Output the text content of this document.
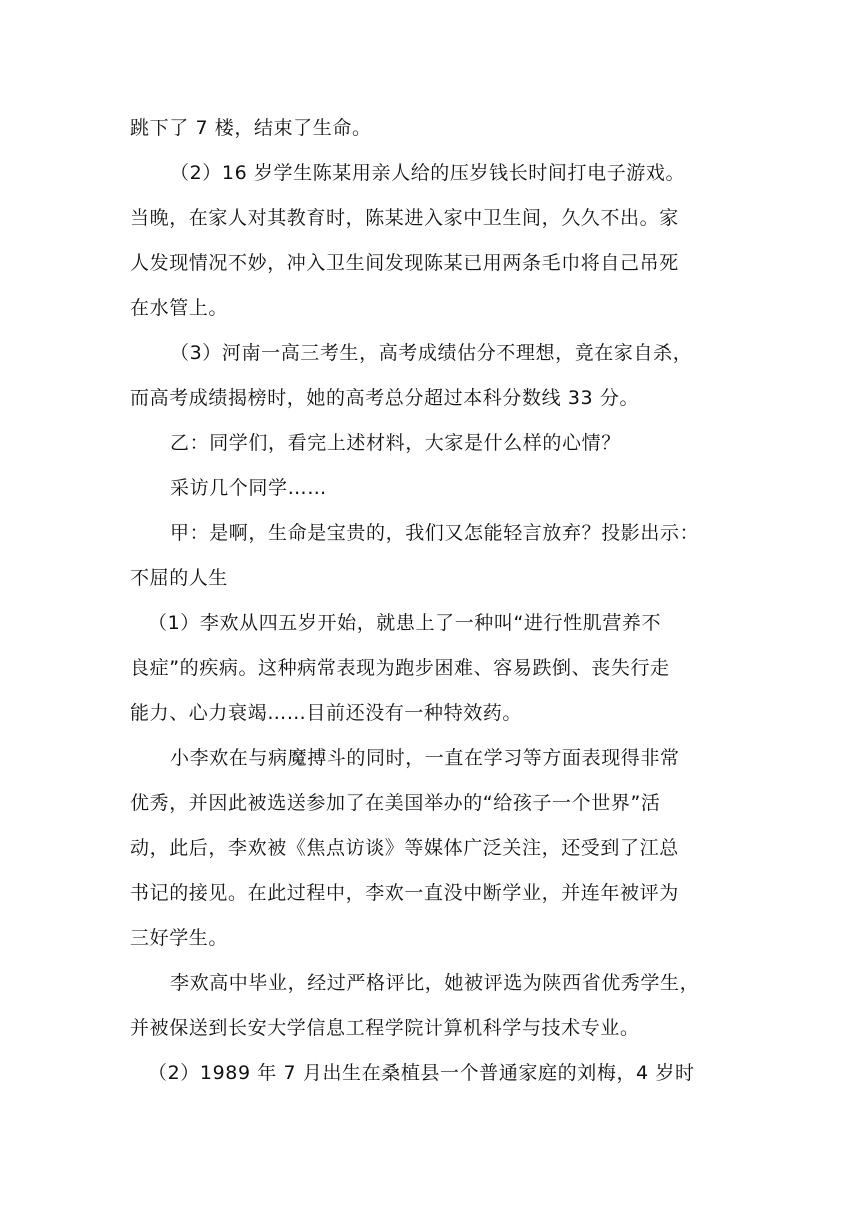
跳下了 7 楼，结束了生命。
（2）16 岁学生陈某用亲人给的压岁钱长时间打电子游戏。
当晚，在家人对其教育时，陈某进入家中卫生间，久久不出。家
人发现情况不妙，冲入卫生间发现陈某已用两条毛巾将自己吊死
在水管上。
（3）河南一高三考生，高考成绩估分不理想，竟在家自杀，
而高考成绩揭榜时，她的高考总分超过本科分数线 33 分。
乙：同学们，看完上述材料，大家是什么样的心情？
采访几个同学……
甲：是啊，生命是宝贵的，我们又怎能轻言放弃？投影出示：
不屈的人生
（1）李欢从四五岁开始，就患上了一种叫“进行性肌营养不
良症”的疾病。这种病常表现为跑步困难、容易跌倒、丧失行走
能力、心力衰竭……目前还没有一种特效药。
小李欢在与病魔搏斗的同时，一直在学习等方面表现得非常
优秀，并因此被选送参加了在美国举办的“给孩子一个世界”活
动，此后，李欢被《焦点访谈》等媒体广泛关注，还受到了江总
书记的接见。在此过程中，李欢一直没中断学业，并连年被评为
三好学生。
李欢高中毕业，经过严格评比，她被评选为陕西省优秀学生，
并被保送到长安大学信息工程学院计算机科学与技术专业。
（2）1989 年 7 月出生在桑植县一个普通家庭的刘梅，4 岁时
